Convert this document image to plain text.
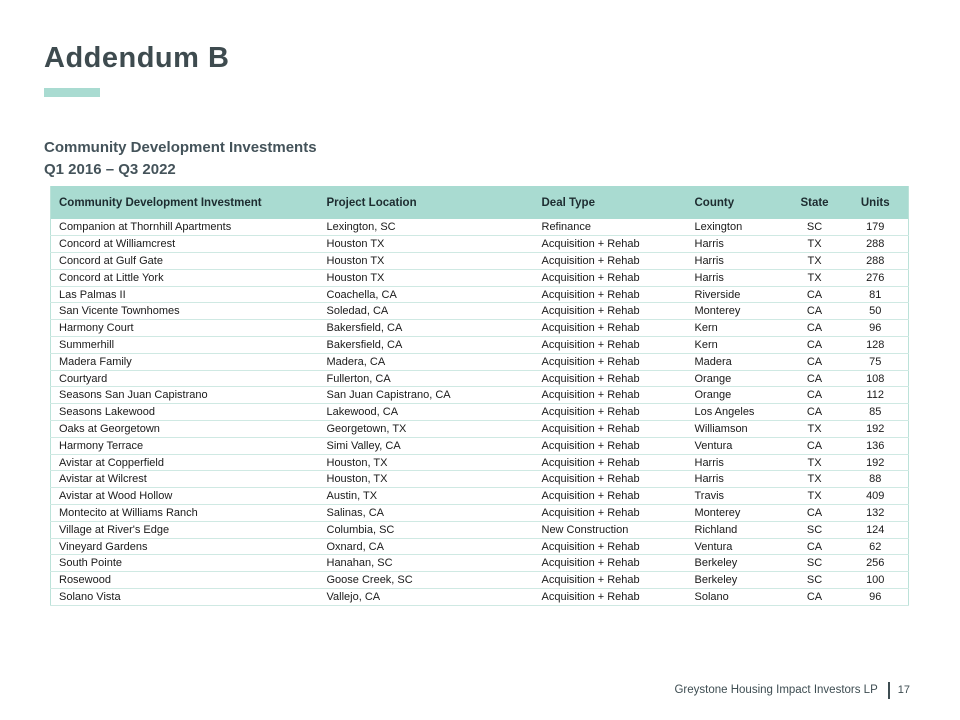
Addendum B
Community Development Investments
Q1 2016 – Q3 2022
Community Development Investment	Project Location	Deal Type	County	State	Units
Companion at Thornhill Apartments	Lexington, SC	Refinance	Lexington	SC	179
Concord at Williamcrest	Houston TX	Acquisition + Rehab	Harris	TX	288
Concord at Gulf Gate	Houston TX	Acquisition + Rehab	Harris	TX	288
Concord at Little York	Houston TX	Acquisition + Rehab	Harris	TX	276
Las Palmas II	Coachella, CA	Acquisition + Rehab	Riverside	CA	81
San Vicente Townhomes	Soledad, CA	Acquisition + Rehab	Monterey	CA	50
Harmony Court	Bakersfield, CA	Acquisition + Rehab	Kern	CA	96
Summerhill	Bakersfield, CA	Acquisition + Rehab	Kern	CA	128
Madera Family	Madera, CA	Acquisition + Rehab	Madera	CA	75
Courtyard	Fullerton, CA	Acquisition + Rehab	Orange	CA	108
Seasons San Juan Capistrano	San Juan Capistrano, CA	Acquisition + Rehab	Orange	CA	112
Seasons Lakewood	Lakewood, CA	Acquisition + Rehab	Los Angeles	CA	85
Oaks at Georgetown	Georgetown, TX	Acquisition + Rehab	Williamson	TX	192
Harmony Terrace	Simi Valley, CA	Acquisition + Rehab	Ventura	CA	136
Avistar at Copperfield	Houston, TX	Acquisition + Rehab	Harris	TX	192
Avistar at Wilcrest	Houston, TX	Acquisition + Rehab	Harris	TX	88
Avistar at Wood Hollow	Austin, TX	Acquisition + Rehab	Travis	TX	409
Montecito at Williams Ranch	Salinas, CA	Acquisition + Rehab	Monterey	CA	132
Village at River's Edge	Columbia, SC	New Construction	Richland	SC	124
Vineyard Gardens	Oxnard, CA	Acquisition + Rehab	Ventura	CA	62
South Pointe	Hanahan, SC	Acquisition + Rehab	Berkeley	SC	256
Rosewood	Goose Creek, SC	Acquisition + Rehab	Berkeley	SC	100
Solano Vista	Vallejo, CA	Acquisition + Rehab	Solano	CA	96
Greystone Housing Impact Investors LP 17
